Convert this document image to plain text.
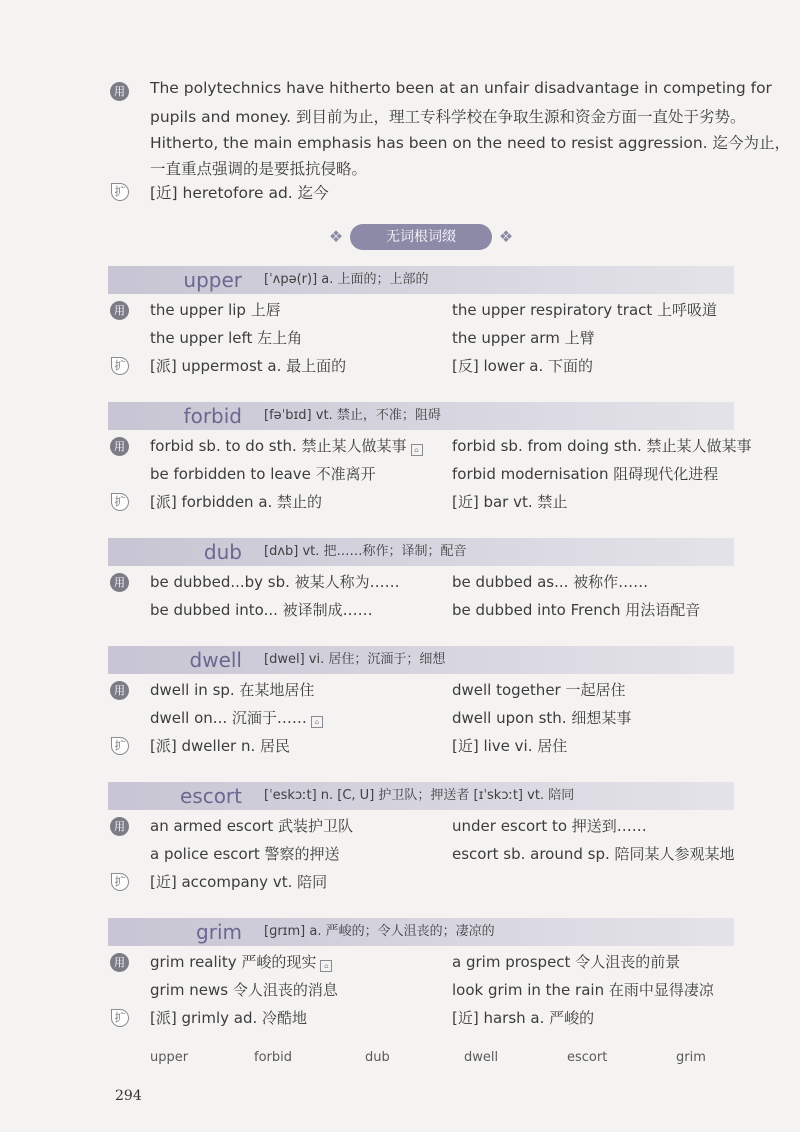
用 The polytechnics have hitherto been at an unfair disadvantage in competing for
pupils and money. 到目前为止，理工专科学校在争取生源和资金方面一直处于劣势。
Hitherto, the main emphasis has been on the need to resist aggression. 迄今为止，
一直重点强调的是要抵抗侵略。
扩 [近] heretofore ad. 迄今
❖	无词根词缀	❖
upper [ˈʌpə(r)] a. 上面的；上部的
用 the upper lip 上唇	the upper respiratory tract 上呼吸道
the upper left 左上角	the upper arm 上臂
扩 [派] uppermost a. 最上面的	[反] lower a. 下面的
forbid [fəˈbɪd] vt. 禁止，不准；阻碍
用 forbid sb. to do sth. 禁止某人做某事 ⌂ forbid sb. from doing sth. 禁止某人做某事
be forbidden to leave 不准离开	forbid modernisation 阻碍现代化进程
扩 [派] forbidden a. 禁止的	[近] bar vt. 禁止
dub [dʌb] vt. 把……称作；译制；配音
用 be dubbed...by sb. 被某人称为……	be dubbed as... 被称作……
be dubbed into... 被译制成……	be dubbed into French 用法语配音
dwell [dwel] vi. 居住；沉湎于；细想
用 dwell in sp. 在某地居住	dwell together 一起居住
dwell on... 沉湎于…… ⌂	dwell upon sth. 细想某事
扩 [派] dweller n. 居民	[近] live vi. 居住
escort [ˈeskɔːt] n. [C, U] 护卫队；押送者 [ɪˈskɔːt] vt. 陪同
用 an armed escort 武装护卫队	under escort to 押送到……
a police escort 警察的押送	escort sb. around sp. 陪同某人参观某地
扩 [近] accompany vt. 陪同
grim [ɡrɪm] a. 严峻的；令人沮丧的；凄凉的
用 grim reality 严峻的现实 ⌂	a grim prospect 令人沮丧的前景
grim news 令人沮丧的消息	look grim in the rain 在雨中显得凄凉
扩 [派] grimly ad. 冷酷地	[近] harsh a. 严峻的
upper	forbid	dub	dwell	escort	grim
294
